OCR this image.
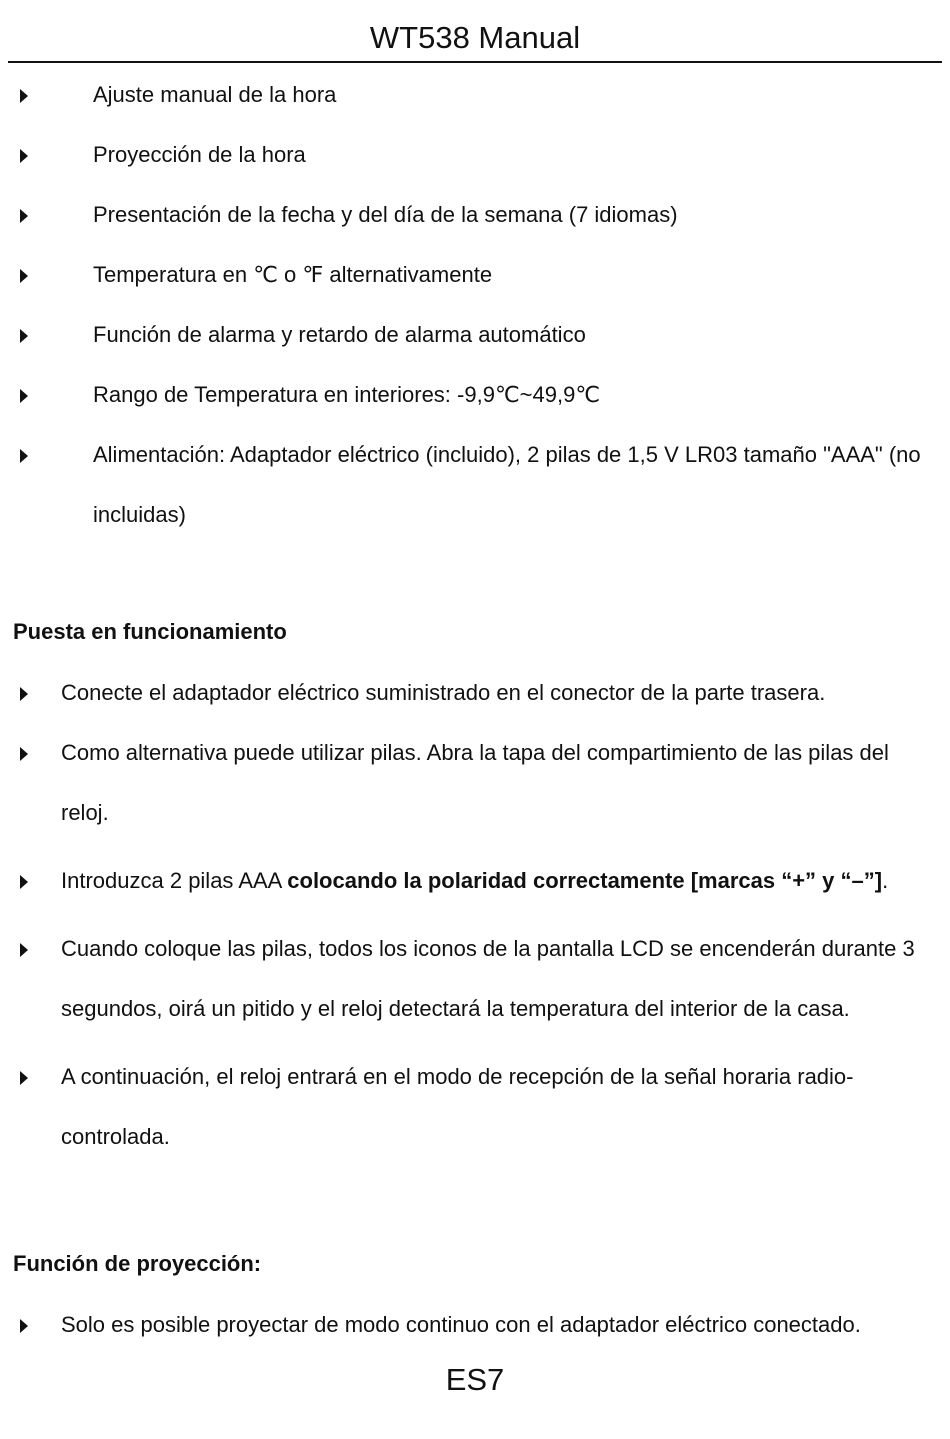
WT538 Manual
Ajuste manual de la hora
Proyección de la hora
Presentación de la fecha y del día de la semana (7 idiomas)
Temperatura en ℃ o ℉ alternativamente
Función de alarma y retardo de alarma automático
Rango de Temperatura en interiores: -9,9℃~49,9℃
Alimentación: Adaptador eléctrico (incluido), 2 pilas de 1,5 V LR03 tamaño "AAA" (no incluidas)
Puesta en funcionamiento
Conecte el adaptador eléctrico suministrado en el conector de la parte trasera.
Como alternativa puede utilizar pilas. Abra la tapa del compartimiento de las pilas del reloj.
Introduzca 2 pilas AAA colocando la polaridad correctamente [marcas “+” y “–”].
Cuando coloque las pilas, todos los iconos de la pantalla LCD se encenderán durante 3 segundos, oirá un pitido y el reloj detectará la temperatura del interior de la casa.
A continuación, el reloj entrará en el modo de recepción de la señal horaria radio-controlada.
Función de proyección:
Solo es posible proyectar de modo continuo con el adaptador eléctrico conectado.
ES7
